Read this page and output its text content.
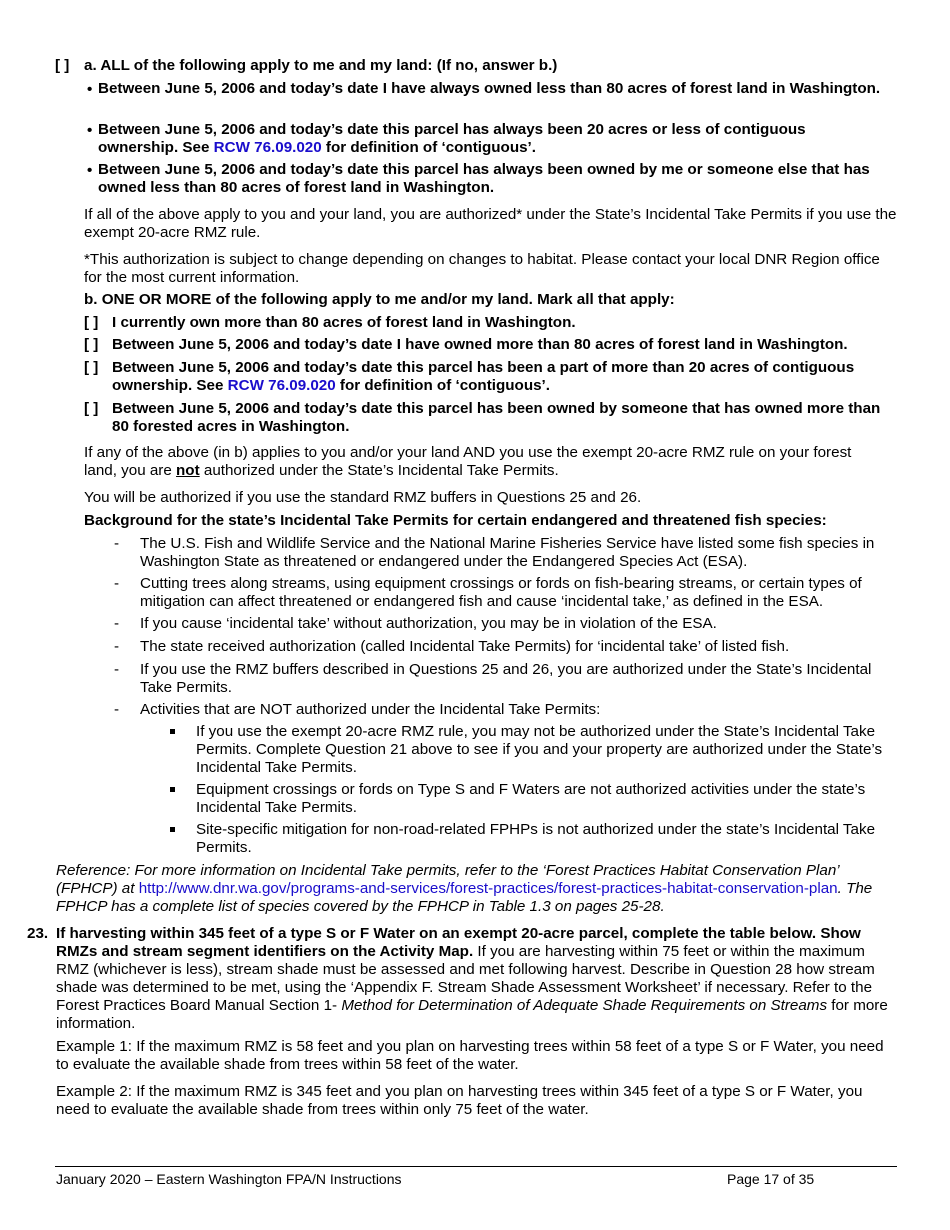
[ ] a. ALL of the following apply to me and my land: (If no, answer b.)
• Between June 5, 2006 and today’s date I have always owned less than 80 acres of forest land in Washington.
• Between June 5, 2006 and today’s date this parcel has always been 20 acres or less of contiguous ownership. See RCW 76.09.020 for definition of ‘contiguous’.
• Between June 5, 2006 and today’s date this parcel has always been owned by me or someone else that has owned less than 80 acres of forest land in Washington.
If all of the above apply to you and your land, you are authorized* under the State’s Incidental Take Permits if you use the exempt 20-acre RMZ rule.
*This authorization is subject to change depending on changes to habitat. Please contact your local DNR Region office for the most current information.
b. ONE OR MORE of the following apply to me and/or my land. Mark all that apply:
[ ] I currently own more than 80 acres of forest land in Washington.
[ ] Between June 5, 2006 and today’s date I have owned more than 80 acres of forest land in Washington.
[ ] Between June 5, 2006 and today’s date this parcel has been a part of more than 20 acres of contiguous ownership. See RCW 76.09.020 for definition of ‘contiguous’.
[ ] Between June 5, 2006 and today’s date this parcel has been owned by someone that has owned more than 80 forested acres in Washington.
If any of the above (in b) applies to you and/or your land AND you use the exempt 20-acre RMZ rule on your forest land, you are not authorized under the State’s Incidental Take Permits.
You will be authorized if you use the standard RMZ buffers in Questions 25 and 26.
Background for the state’s Incidental Take Permits for certain endangered and threatened fish species:
- The U.S. Fish and Wildlife Service and the National Marine Fisheries Service have listed some fish species in Washington State as threatened or endangered under the Endangered Species Act (ESA).
- Cutting trees along streams, using equipment crossings or fords on fish-bearing streams, or certain types of mitigation can affect threatened or endangered fish and cause ‘incidental take,’ as defined in the ESA.
- If you cause ‘incidental take’ without authorization, you may be in violation of the ESA.
- The state received authorization (called Incidental Take Permits) for ‘incidental take’ of listed fish.
- If you use the RMZ buffers described in Questions 25 and 26, you are authorized under the State’s Incidental Take Permits.
- Activities that are NOT authorized under the Incidental Take Permits:
If you use the exempt 20-acre RMZ rule, you may not be authorized under the State’s Incidental Take Permits. Complete Question 21 above to see if you and your property are authorized under the State’s Incidental Take Permits.
Equipment crossings or fords on Type S and F Waters are not authorized activities under the state’s Incidental Take Permits.
Site-specific mitigation for non-road-related FPHPs is not authorized under the state’s Incidental Take Permits.
Reference: For more information on Incidental Take permits, refer to the ‘Forest Practices Habitat Conservation Plan’ (FPHCP) at http://www.dnr.wa.gov/programs-and-services/forest-practices/forest-practices-habitat-conservation-plan. The FPHCP has a complete list of species covered by the FPHCP in Table 1.3 on pages 25-28.
23. If harvesting within 345 feet of a type S or F Water on an exempt 20-acre parcel, complete the table below. Show RMZs and stream segment identifiers on the Activity Map. If you are harvesting within 75 feet or within the maximum RMZ (whichever is less), stream shade must be assessed and met following harvest. Describe in Question 28 how stream shade was determined to be met, using the ‘Appendix F. Stream Shade Assessment Worksheet’ if necessary. Refer to the Forest Practices Board Manual Section 1- Method for Determination of Adequate Shade Requirements on Streams for more information.
Example 1: If the maximum RMZ is 58 feet and you plan on harvesting trees within 58 feet of a type S or F Water, you need to evaluate the available shade from trees within 58 feet of the water.
Example 2: If the maximum RMZ is 345 feet and you plan on harvesting trees within 345 feet of a type S or F Water, you need to evaluate the available shade from trees within only 75 feet of the water.
January 2020 – Eastern Washington FPA/N Instructions	Page 17 of 35
